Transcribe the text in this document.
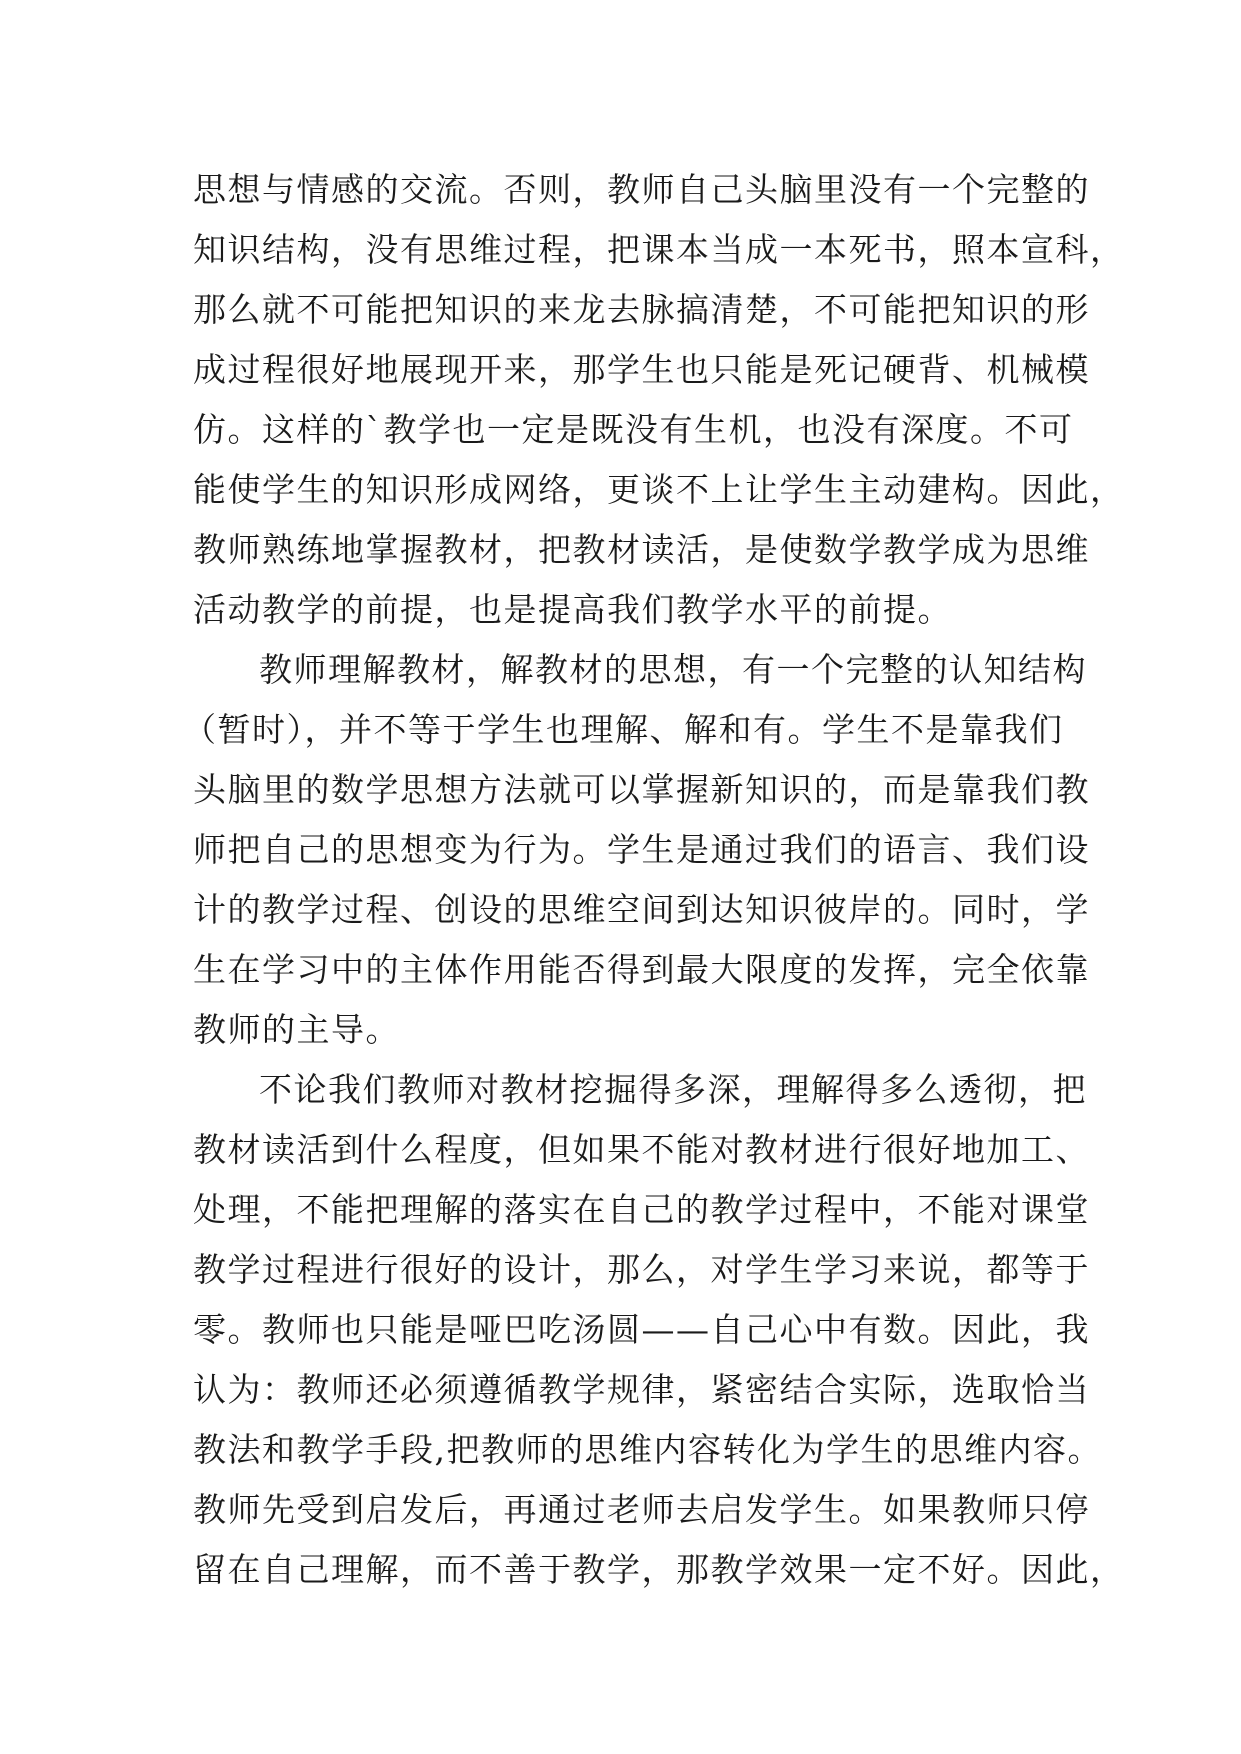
思想与情感的交流。否则，教师自己头脑里没有一个完整的
知识结构，没有思维过程，把课本当成一本死书，照本宣科，
那么就不可能把知识的来龙去脉搞清楚，不可能把知识的形
成过程很好地展现开来，那学生也只能是死记硬背、机械模
仿。这样的`教学也一定是既没有生机，也没有深度。不可
能使学生的知识形成网络，更谈不上让学生主动建构。因此，
教师熟练地掌握教材，把教材读活，是使数学教学成为思维
活动教学的前提，也是提高我们教学水平的前提。
教师理解教材，解教材的思想，有一个完整的认知结构
（暂时），并不等于学生也理解、解和有。学生不是靠我们
头脑里的数学思想方法就可以掌握新知识的，而是靠我们教
师把自己的思想变为行为。学生是通过我们的语言、我们设
计的教学过程、创设的思维空间到达知识彼岸的。同时，学
生在学习中的主体作用能否得到最大限度的发挥，完全依靠
教师的主导。
不论我们教师对教材挖掘得多深，理解得多么透彻，把
教材读活到什么程度，但如果不能对教材进行很好地加工、
处理，不能把理解的落实在自己的教学过程中，不能对课堂
教学过程进行很好的设计，那么，对学生学习来说，都等于
零。教师也只能是哑巴吃汤圆——自己心中有数。因此，我
认为：教师还必须遵循教学规律，紧密结合实际，选取恰当
教法和教学手段,把教师的思维内容转化为学生的思维内容。
教师先受到启发后，再通过老师去启发学生。如果教师只停
留在自己理解，而不善于教学，那教学效果一定不好。因此，
